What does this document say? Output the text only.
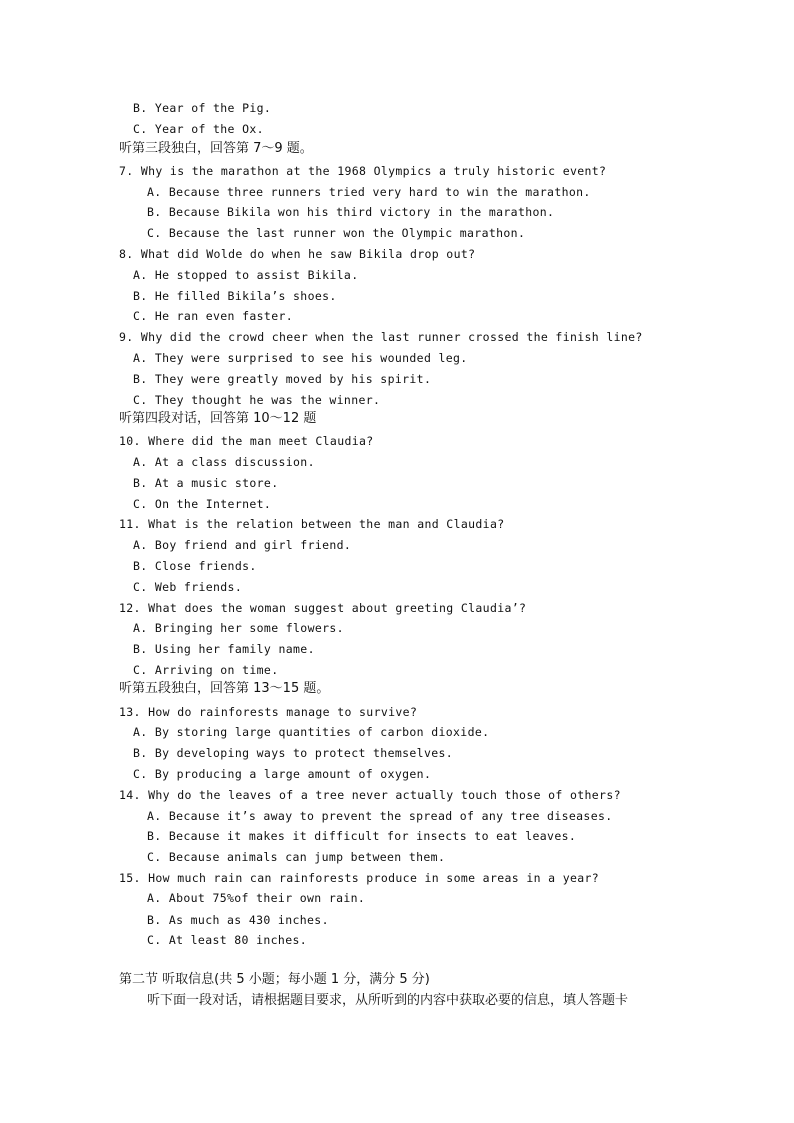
B. Year of the Pig.
C. Year of the Ox.
听第三段独白，回答第 7～9 题。
7. Why is the marathon at the 1968 Olympics a truly historic event?
A. Because three runners tried very hard to win the marathon.
B. Because Bikila won his third victory in the marathon.
C. Because the last runner won the Olympic marathon.
8. What did Wolde do when he saw Bikila drop out?
A. He stopped to assist Bikila.
B. He filled Bikila’s shoes.
C. He ran even faster.
9. Why did the crowd cheer when the last runner crossed the finish line?
A. They were surprised to see his wounded leg.
B. They were greatly moved by his spirit.
C. They thought he was the winner.
听第四段对话，回答第 10～12 题
10. Where did the man meet Claudia?
A. At a class discussion.
B. At a music store.
C. On the Internet.
11. What is the relation between the man and Claudia?
A. Boy friend and girl friend.
B. Close friends.
C. Web friends.
12. What does the woman suggest about greeting Claudia’?
A. Bringing her some flowers.
B. Using her family name.
C. Arriving on time.
听第五段独白，回答第 13～15 题。
13. How do rainforests manage to survive?
A. By storing large quantities of carbon dioxide.
B. By developing ways to protect themselves.
C. By producing a large amount of oxygen.
14. Why do the leaves of a tree never actually touch those of others?
A. Because it’s away to prevent the spread of any tree diseases.
B. Because it makes it difficult for insects to eat leaves.
C. Because animals can jump between them.
15. How much rain can rainforests produce in some areas in a year?
A. About 75%of their own rain.
B. As much as 430 inches.
C. At least 80 inches.
第二节 听取信息(共 5 小题；每小题 1 分，满分 5 分)
听下面一段对话，请根据题目要求，从所听到的内容中获取必要的信息，填人答题卡
